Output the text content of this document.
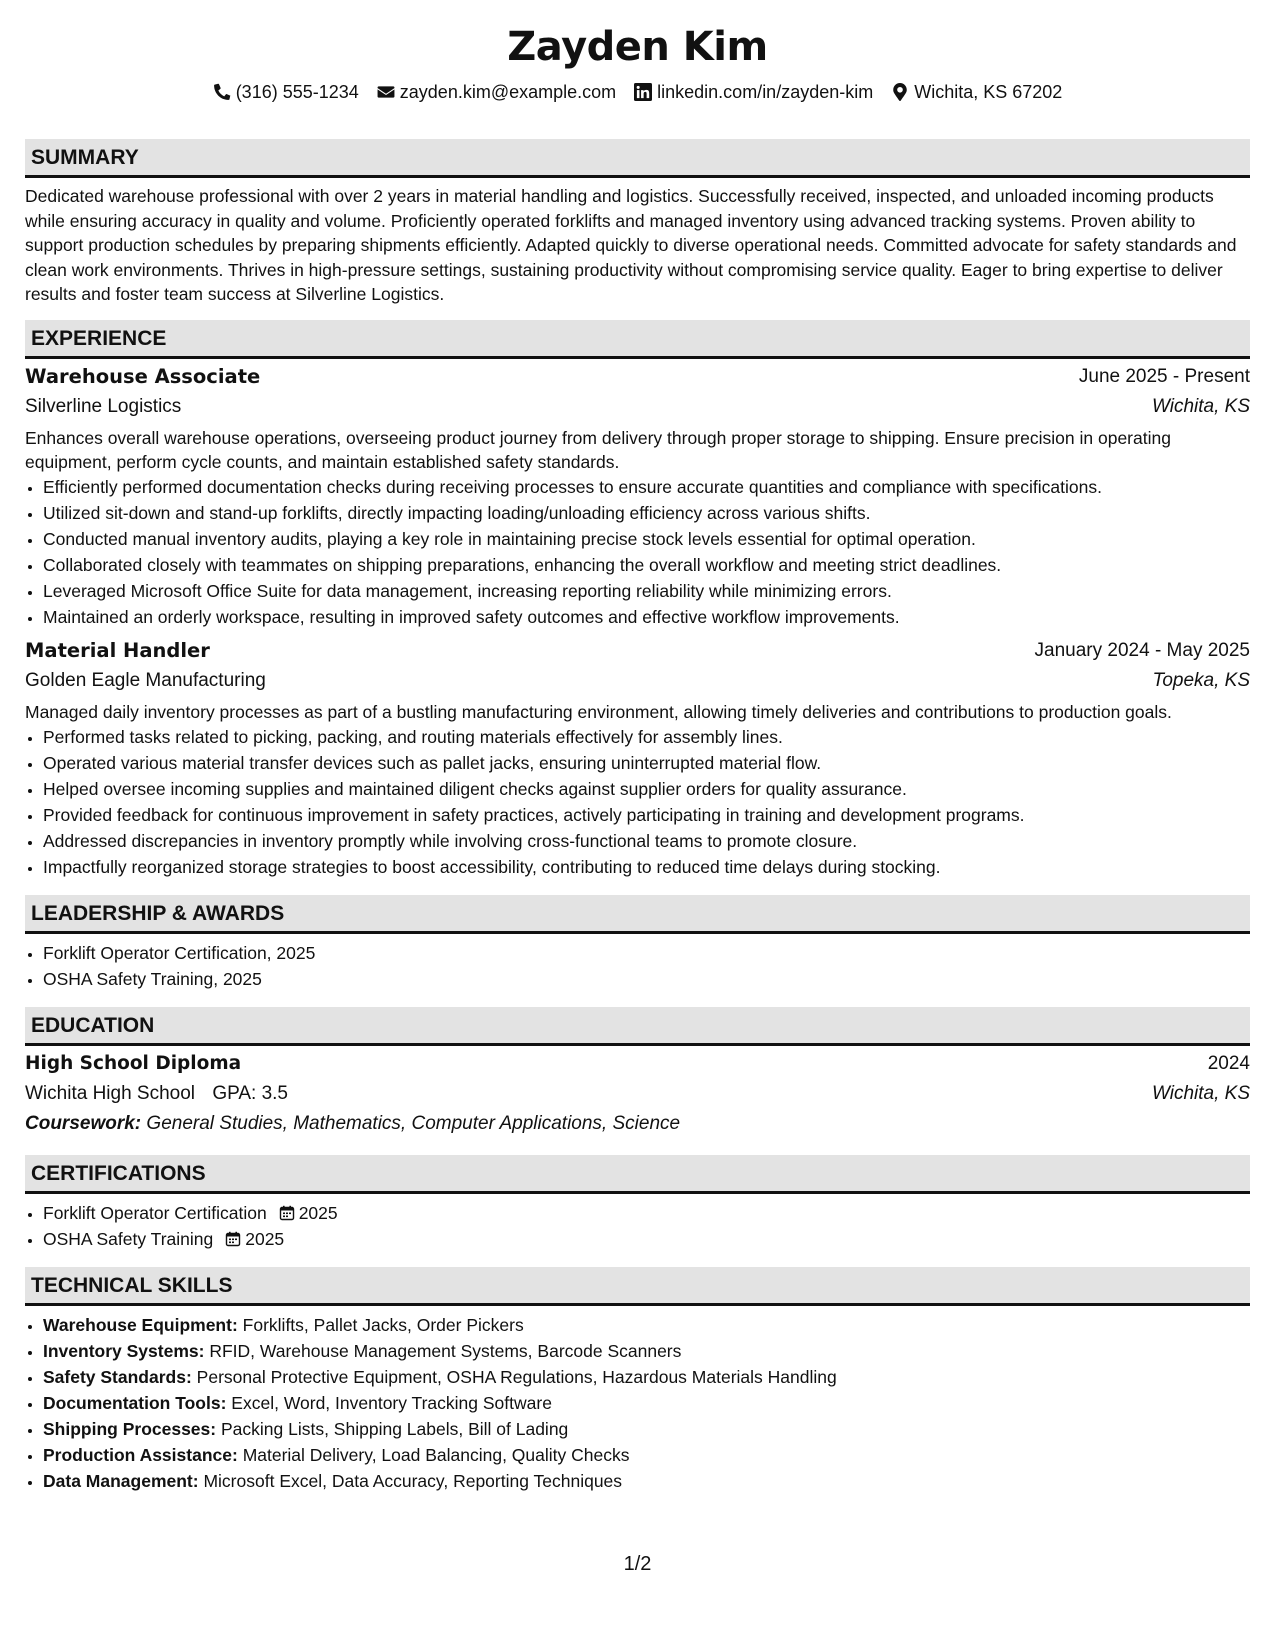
Zayden Kim
(316) 555-1234 zayden.kim@example.com linkedin.com/in/zayden-kim Wichita, KS 67202
SUMMARY
Dedicated warehouse professional with over 2 years in material handling and logistics. Successfully received, inspected, and unloaded incoming products while ensuring accuracy in quality and volume. Proficiently operated forklifts and managed inventory using advanced tracking systems. Proven ability to support production schedules by preparing shipments efficiently. Adapted quickly to diverse operational needs. Committed advocate for safety standards and clean work environments. Thrives in high-pressure settings, sustaining productivity without compromising service quality. Eager to bring expertise to deliver results and foster team success at Silverline Logistics.
EXPERIENCE
Warehouse Associate	June 2025 - Present
Silverline Logistics	Wichita, KS
Enhances overall warehouse operations, overseeing product journey from delivery through proper storage to shipping. Ensure precision in operating equipment, perform cycle counts, and maintain established safety standards.
• Efficiently performed documentation checks during receiving processes to ensure accurate quantities and compliance with specifications.
• Utilized sit-down and stand-up forklifts, directly impacting loading/unloading efficiency across various shifts.
• Conducted manual inventory audits, playing a key role in maintaining precise stock levels essential for optimal operation.
• Collaborated closely with teammates on shipping preparations, enhancing the overall workflow and meeting strict deadlines.
• Leveraged Microsoft Office Suite for data management, increasing reporting reliability while minimizing errors.
• Maintained an orderly workspace, resulting in improved safety outcomes and effective workflow improvements.
Material Handler	January 2024 - May 2025
Golden Eagle Manufacturing	Topeka, KS
Managed daily inventory processes as part of a bustling manufacturing environment, allowing timely deliveries and contributions to production goals.
• Performed tasks related to picking, packing, and routing materials effectively for assembly lines.
• Operated various material transfer devices such as pallet jacks, ensuring uninterrupted material flow.
• Helped oversee incoming supplies and maintained diligent checks against supplier orders for quality assurance.
• Provided feedback for continuous improvement in safety practices, actively participating in training and development programs.
• Addressed discrepancies in inventory promptly while involving cross-functional teams to promote closure.
• Impactfully reorganized storage strategies to boost accessibility, contributing to reduced time delays during stocking.
LEADERSHIP & AWARDS
• Forklift Operator Certification, 2025
• OSHA Safety Training, 2025
EDUCATION
High School Diploma	2024
Wichita High School GPA: 3.5	Wichita, KS
Coursework: General Studies, Mathematics, Computer Applications, Science
CERTIFICATIONS
• Forklift Operator Certification 2025
• OSHA Safety Training 2025
TECHNICAL SKILLS
• Warehouse Equipment: Forklifts, Pallet Jacks, Order Pickers
• Inventory Systems: RFID, Warehouse Management Systems, Barcode Scanners
• Safety Standards: Personal Protective Equipment, OSHA Regulations, Hazardous Materials Handling
• Documentation Tools: Excel, Word, Inventory Tracking Software
• Shipping Processes: Packing Lists, Shipping Labels, Bill of Lading
• Production Assistance: Material Delivery, Load Balancing, Quality Checks
• Data Management: Microsoft Excel, Data Accuracy, Reporting Techniques
1/2
